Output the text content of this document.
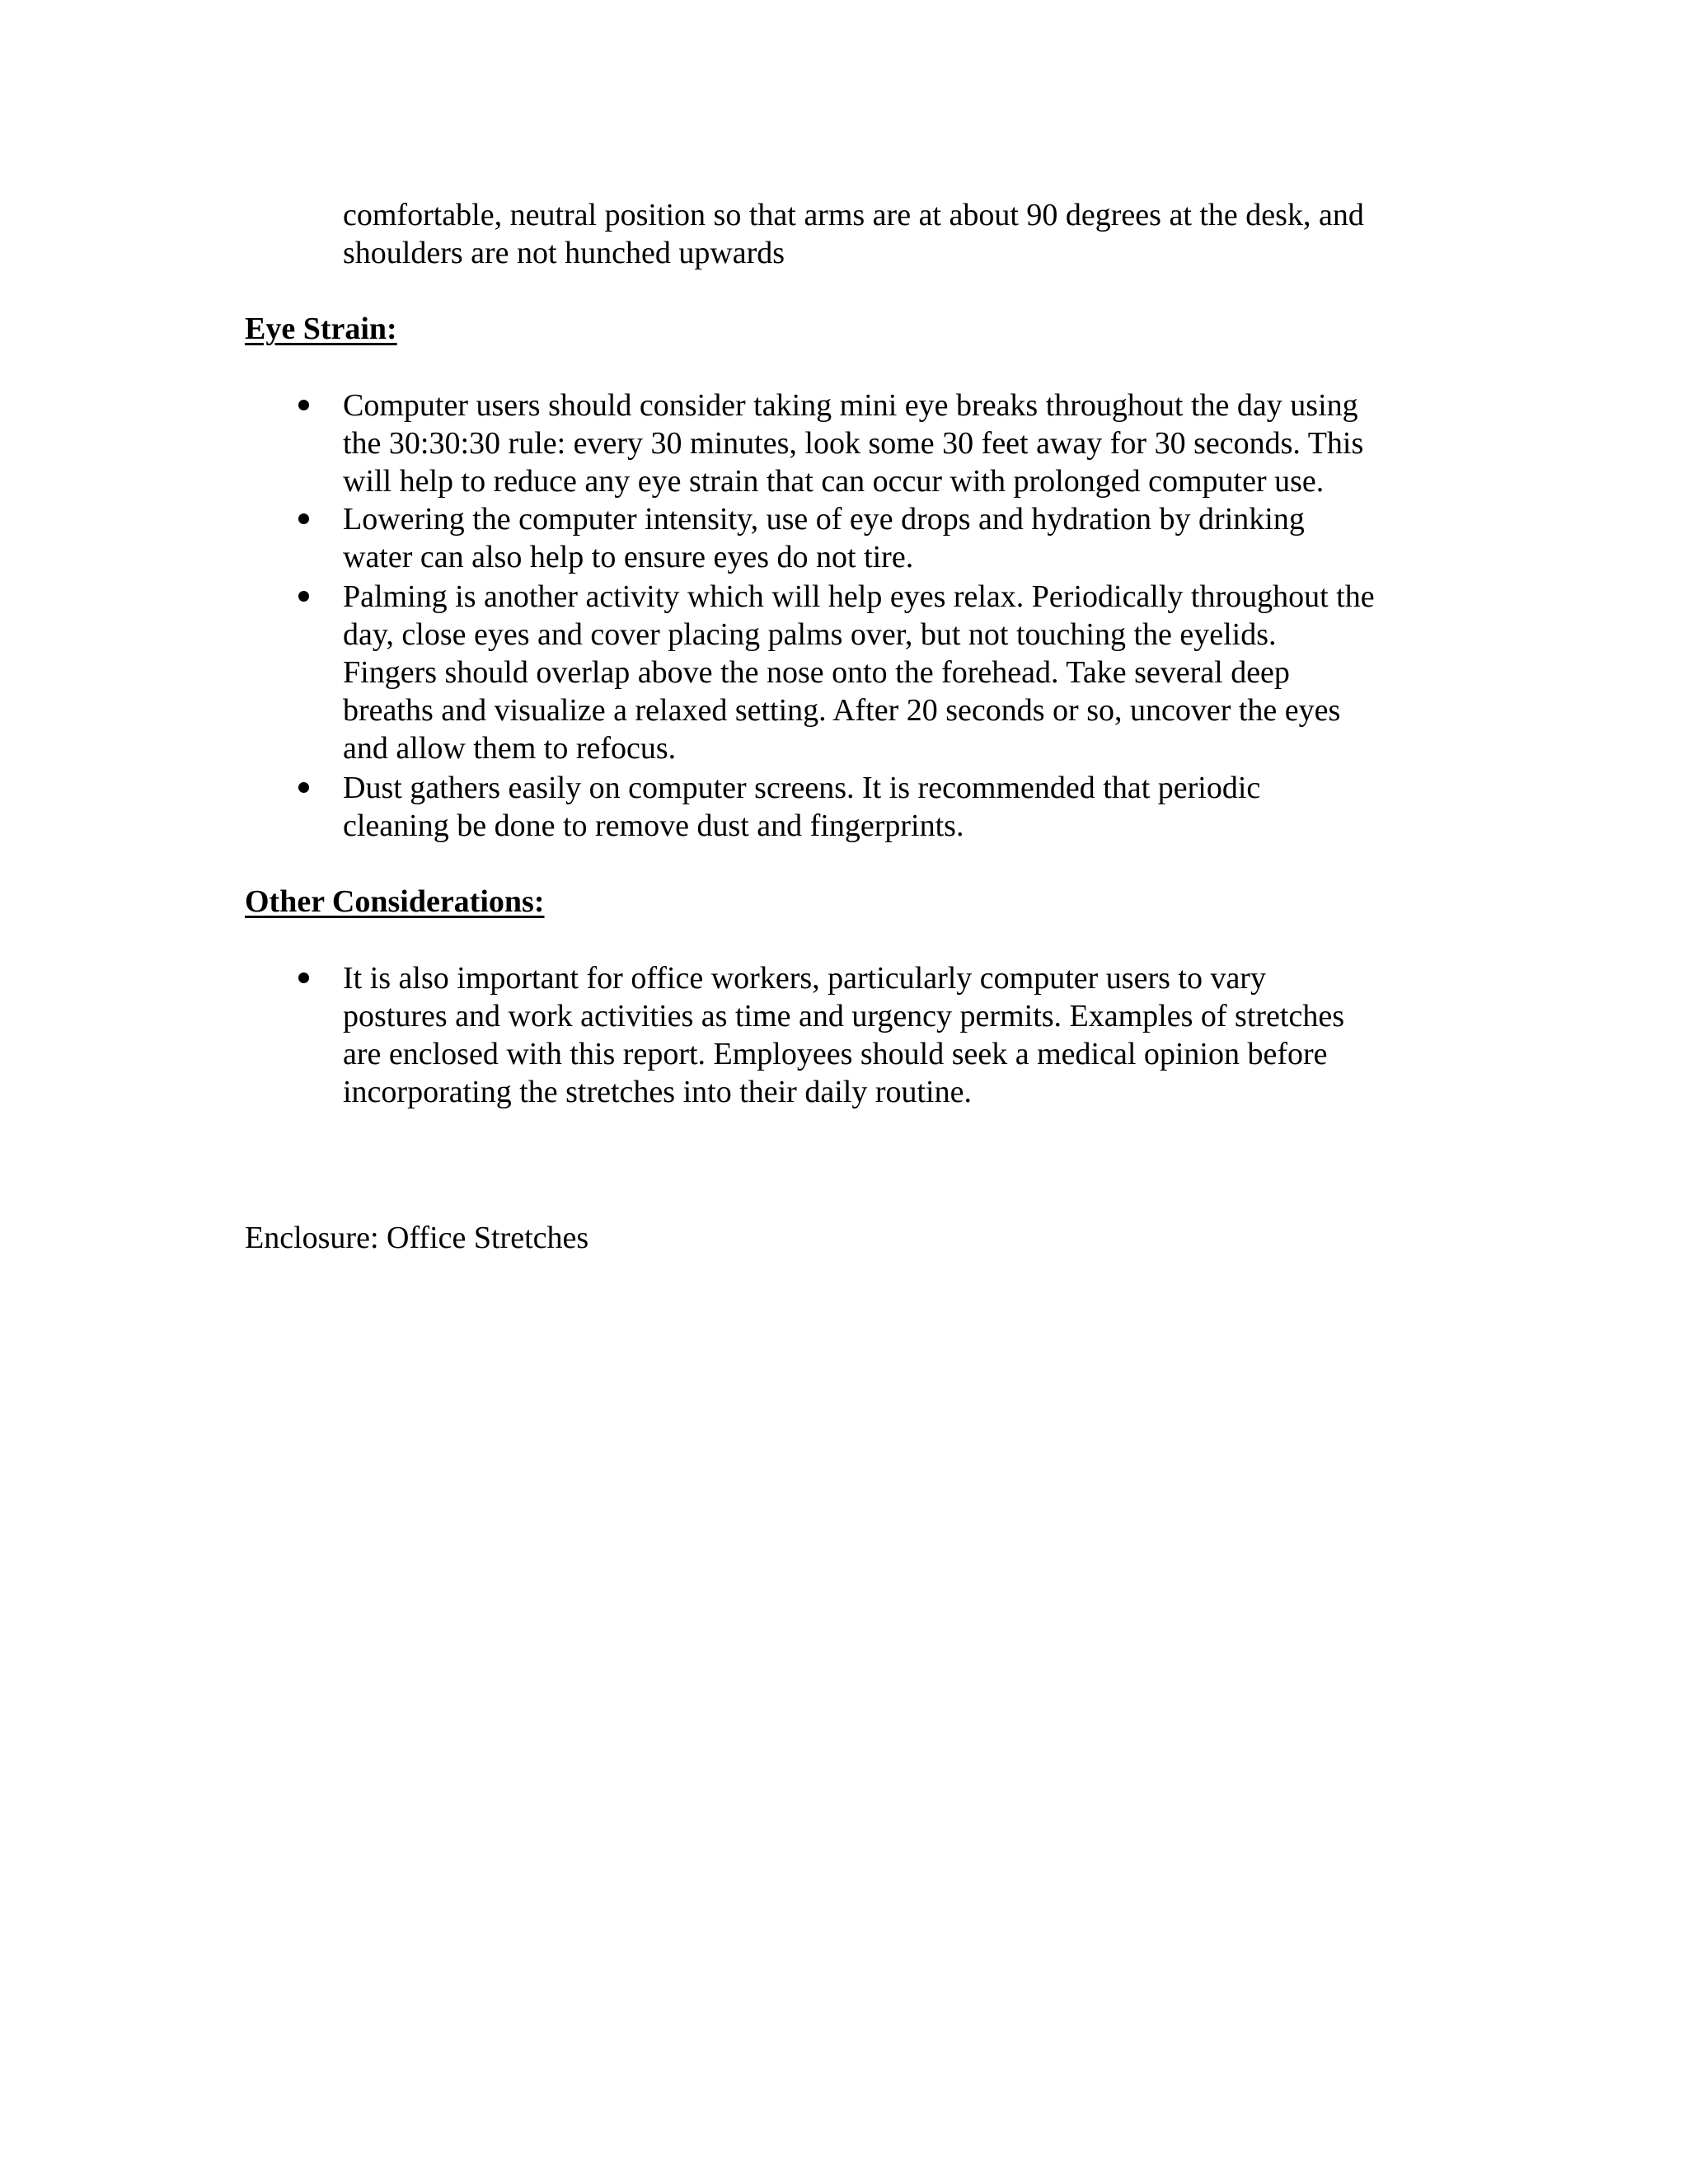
comfortable, neutral position so that arms are at about 90 degrees at the desk, and

shoulders are not hunched upwards

Eye Strain:

Computer users should consider taking mini eye breaks throughout the day using

the 30:30:30 rule: every 30 minutes, look some 30 feet away for 30 seconds. This

will help to reduce any eye strain that can occur with prolonged computer use.

Lowering the computer intensity, use of eye drops and hydration by drinking

water can also help to ensure eyes do not tire.

Palming is another activity which will help eyes relax. Periodically throughout the

day, close eyes and cover placing palms over, but not touching the eyelids.

Fingers should overlap above the nose onto the forehead. Take several deep

breaths and visualize a relaxed setting. After 20 seconds or so, uncover the eyes

and allow them to refocus.

Dust gathers easily on computer screens. It is recommended that periodic

cleaning be done to remove dust and fingerprints.

Other Considerations:

It is also important for office workers, particularly computer users to vary

postures and work activities as time and urgency permits. Examples of stretches

are enclosed with this report. Employees should seek a medical opinion before

incorporating the stretches into their daily routine.

Enclosure: Office Stretches
